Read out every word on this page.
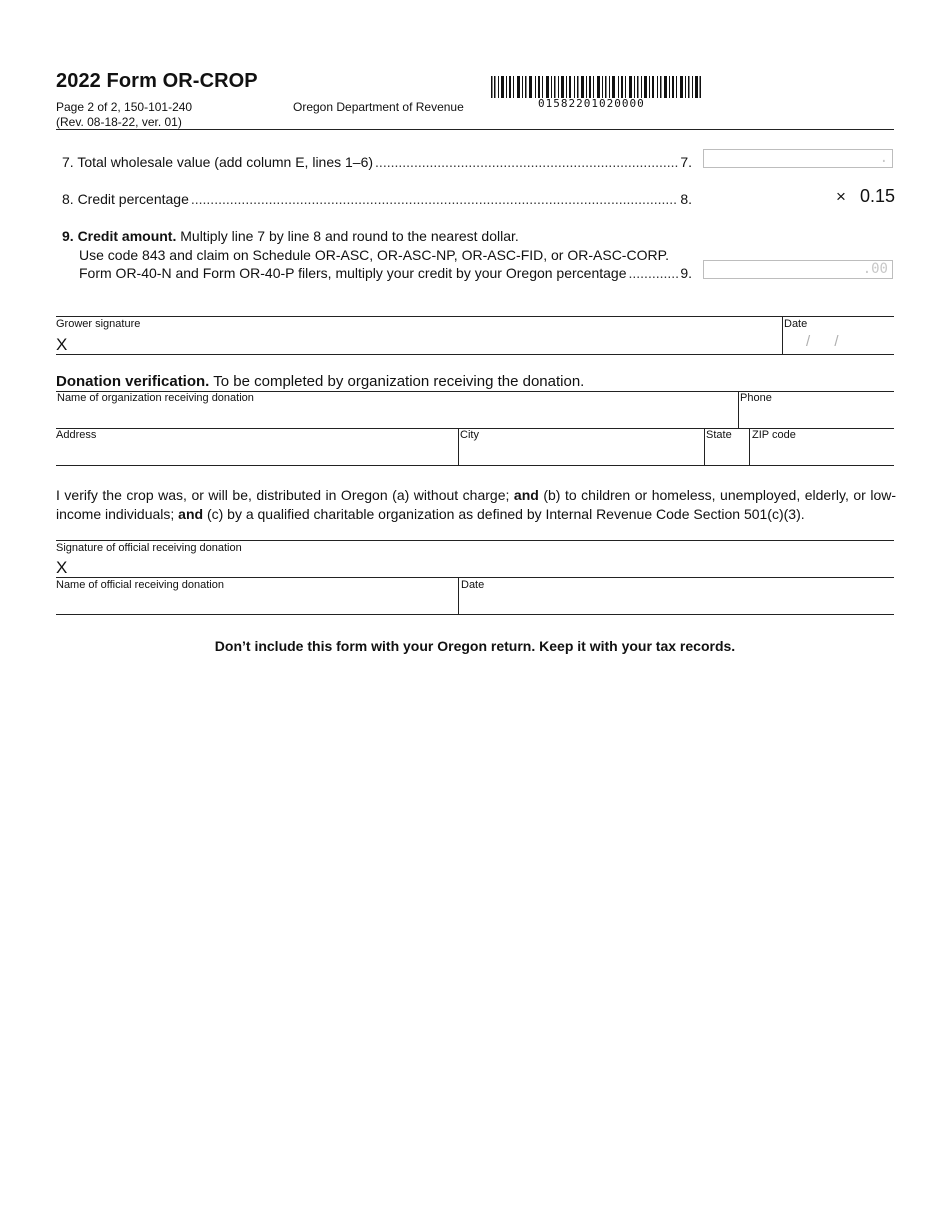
2022 Form OR-CROP
Page 2 of 2, 150-101-240
(Rev. 08-18-22, ver. 01)
Oregon Department of Revenue	01582201020000
7. Total wholesale value (add column E, lines 1–6) .....	7.	.
8. Credit percentage .....	8.	× 0.15
9. Credit amount. Multiply line 7 by line 8 and round to the nearest dollar.
Use code 843 and claim on Schedule OR-ASC, OR-ASC-NP, OR-ASC-FID, or OR-ASC-CORP.
Form OR-40-N and Form OR-40-P filers, multiply your credit by your Oregon percentage .....	9.	.00
Grower signature
X
Date
/ /
Donation verification. To be completed by organization receiving the donation.
Name of organization receiving donation	Phone
Address	City	State ZIP code
I verify the crop was, or will be, distributed in Oregon (a) without charge; and (b) to children or homeless, unemployed, elderly, or low-income individuals; and (c) by a qualified charitable organization as defined by Internal Revenue Code Section 501(c)(3).
Signature of official receiving donation
X
Name of official receiving donation	Date
Don’t include this form with your Oregon return. Keep it with your tax records.
